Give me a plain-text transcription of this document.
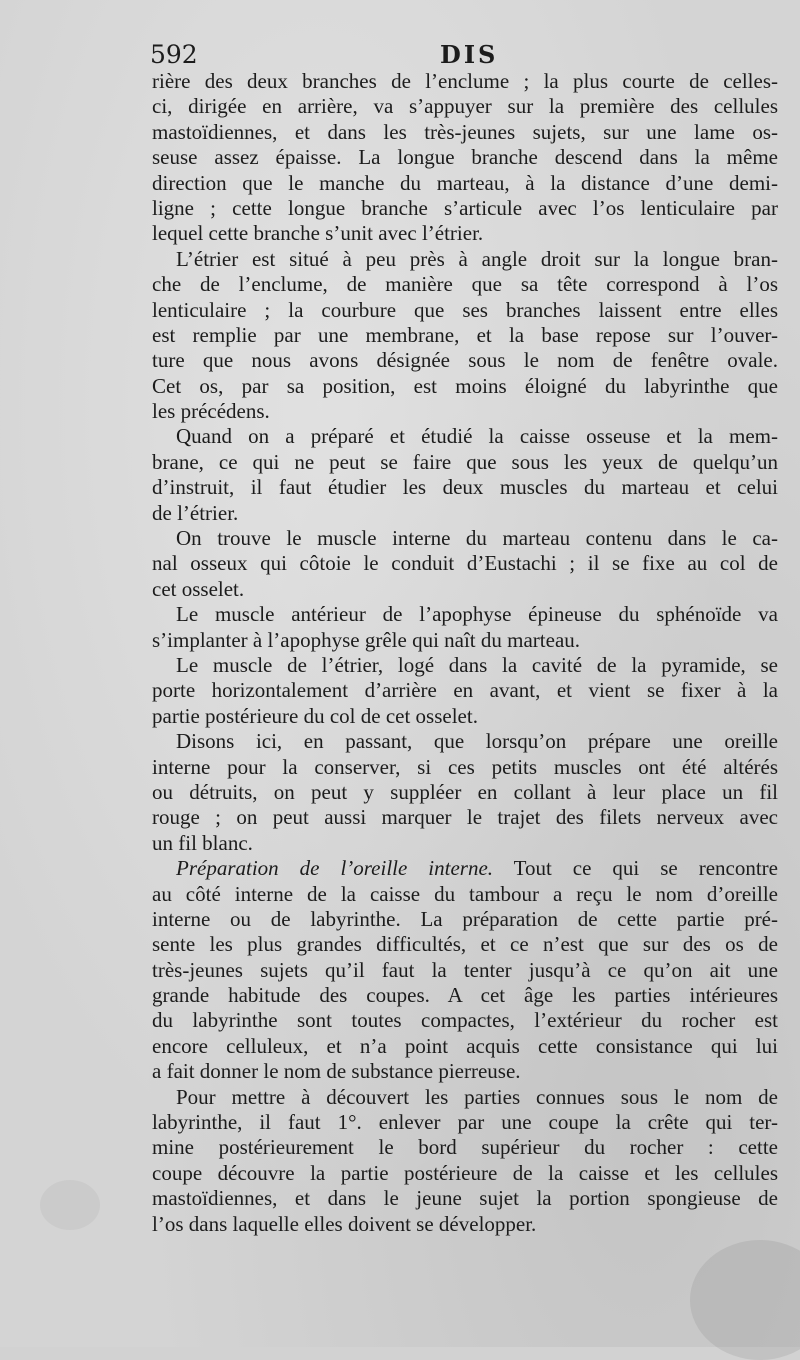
592	DIS
rière des deux branches de l’enclume ; la plus courte de celles-
ci, dirigée en arrière, va s’appuyer sur la première des cellules
mastoïdiennes, et dans les très-jeunes sujets, sur une lame os-
seuse assez épaisse. La longue branche descend dans la même
direction que le manche du marteau, à la distance d’une demi-
ligne ; cette longue branche s’articule avec l’os lenticulaire par
lequel cette branche s’unit avec l’étrier.
L’étrier est situé à peu près à angle droit sur la longue bran-
che de l’enclume, de manière que sa tête correspond à l’os
lenticulaire ; la courbure que ses branches laissent entre elles
est remplie par une membrane, et la base repose sur l’ouver-
ture que nous avons désignée sous le nom de fenêtre ovale.
Cet os, par sa position, est moins éloigné du labyrinthe que
les précédens.
Quand on a préparé et étudié la caisse osseuse et la mem-
brane, ce qui ne peut se faire que sous les yeux de quelqu’un
d’instruit, il faut étudier les deux muscles du marteau et celui
de l’étrier.
On trouve le muscle interne du marteau contenu dans le ca-
nal osseux qui côtoie le conduit d’Eustachi ; il se fixe au col de
cet osselet.
Le muscle antérieur de l’apophyse épineuse du sphénoïde va
s’implanter à l’apophyse grêle qui naît du marteau.
Le muscle de l’étrier, logé dans la cavité de la pyramide, se
porte horizontalement d’arrière en avant, et vient se fixer à la
partie postérieure du col de cet osselet.
Disons ici, en passant, que lorsqu’on prépare une oreille
interne pour la conserver, si ces petits muscles ont été altérés
ou détruits, on peut y suppléer en collant à leur place un fil
rouge ; on peut aussi marquer le trajet des filets nerveux avec
un fil blanc.
Préparation de l’oreille interne. Tout ce qui se rencontre
au côté interne de la caisse du tambour a reçu le nom d’oreille
interne ou de labyrinthe. La préparation de cette partie pré-
sente les plus grandes difficultés, et ce n’est que sur des os de
très-jeunes sujets qu’il faut la tenter jusqu’à ce qu’on ait une
grande habitude des coupes. A cet âge les parties intérieures
du labyrinthe sont toutes compactes, l’extérieur du rocher est
encore celluleux, et n’a point acquis cette consistance qui lui
a fait donner le nom de substance pierreuse.
Pour mettre à découvert les parties connues sous le nom de
labyrinthe, il faut 1°. enlever par une coupe la crête qui ter-
mine postérieurement le bord supérieur du rocher : cette
coupe découvre la partie postérieure de la caisse et les cellules
mastoïdiennes, et dans le jeune sujet la portion spongieuse de
l’os dans laquelle elles doivent se développer.
